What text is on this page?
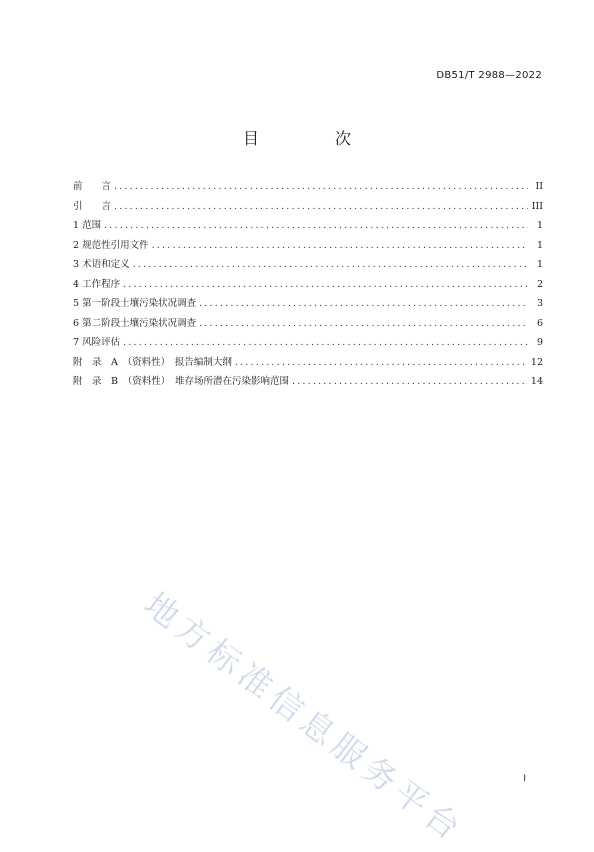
DB51/T 2988—2022
目　次
前　　言 .....	II
引　　言 .....	III
1 范围 .....	1
2 规范性引用文件 .....	1
3 术语和定义 .....	1
4 工作程序 .....	2
5 第一阶段土壤污染状况调查 .....	3
6 第二阶段土壤污染状况调查 .....	6
7 风险评估 .....	9
附　录　A　（资料性）　报告编制大纲 .....	12
附　录　B　（资料性）　堆存场所潜在污染影响范围 .....	14
地方标准信息服务平台	I
